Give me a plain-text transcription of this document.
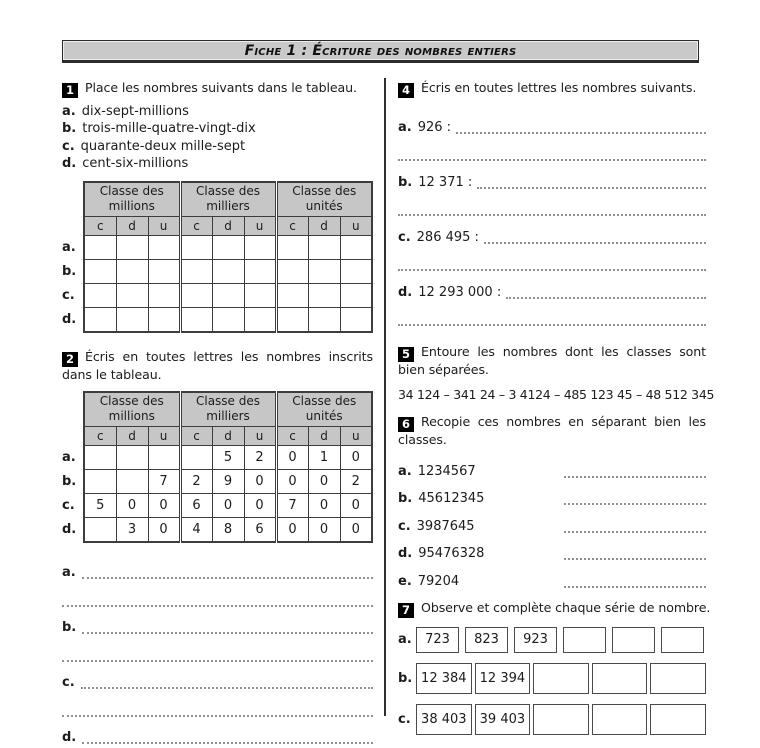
Fiche 1 : Écriture des nombres entiers
1 Place les nombres suivants dans le tableau.
a. dix-sept-millions
b. trois-mille-quatre-vingt-dix
c. quarante-deux mille-sept
d. cent-six-millions
	Classe des millions			Classe des milliers			Classe des unités		
	c	d	u	c	d	u	c	d	u
a.									
b.									
c.									
d.									
2 Écris en toutes lettres les nombres inscrits dans le tableau.
	Classe des millions			Classe des milliers			Classe des unités		
	c	d	u	c	d	u	c	d	u
a.					5	2	0	1	0
b.			7	2	9	0	0	0	2
c.	5	0	0	6	0	0	7	0	0
d.		3	0	4	8	6	0	0	0
a.
b.
c.
d.
4 Écris en toutes lettres les nombres suivants.
a. 926 :
b. 12 371 :
c. 286 495 :
d. 12 293 000 :
5 Entoure les nombres dont les classes sont bien séparées.
34 124 – 341 24 – 3 4124 – 485 123 45 – 48 512 345
6 Recopie ces nombres en séparant bien les classes.
a. 1234567
b. 45612345
c. 3987645
d. 95476328
e. 79204
7 Observe et complète chaque série de nombre.
a.	723	823	923
b. 12 384	12 394
c. 38 403	39 403
